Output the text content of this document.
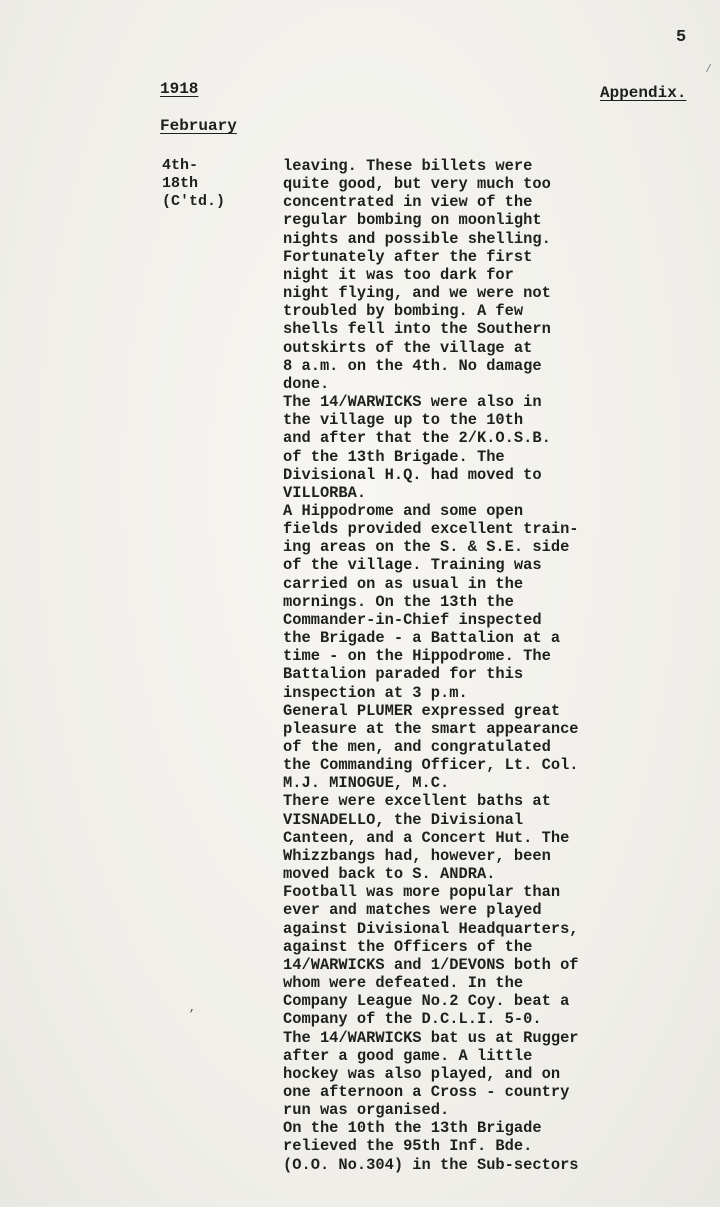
5
1918	Appendix.
February
4th-
18th
(C'td.)
leaving. These billets were
quite good, but very much too
concentrated in view of the
regular bombing on moonlight
nights and possible shelling.
Fortunately after the first
night it was too dark for
night flying, and we were not
troubled by bombing. A few
shells fell into the Southern
outskirts of the village at
8 a.m. on the 4th. No damage
done.
The 14/WARWICKS were also in
the village up to the 10th
and after that the 2/K.O.S.B.
of the 13th Brigade. The
Divisional H.Q. had moved to
VILLORBA.
A Hippodrome and some open
fields provided excellent train-
ing areas on the S. & S.E. side
of the village. Training was
carried on as usual in the
mornings. On the 13th the
Commander-in-Chief inspected
the Brigade - a Battalion at a
time - on the Hippodrome. The
Battalion paraded for this
inspection at 3 p.m.
General PLUMER expressed great
pleasure at the smart appearance
of the men, and congratulated
the Commanding Officer, Lt. Col.
M.J. MINOGUE, M.C.
There were excellent baths at
VISNADELLO, the Divisional
Canteen, and a Concert Hut. The
Whizzbangs had, however, been
moved back to S. ANDRA.
Football was more popular than
ever and matches were played
against Divisional Headquarters,
against the Officers of the
14/WARWICKS and 1/DEVONS both of
whom were defeated. In the
Company League No.2 Coy. beat a
Company of the D.C.L.I. 5-0.
The 14/WARWICKS bat us at Rugger
after a good game. A little
hockey was also played, and on
one afternoon a Cross - country
run was organised.
On the 10th the 13th Brigade
relieved the 95th Inf. Bde.
(O.O. No.304) in the Sub-sectors
⁄
’
